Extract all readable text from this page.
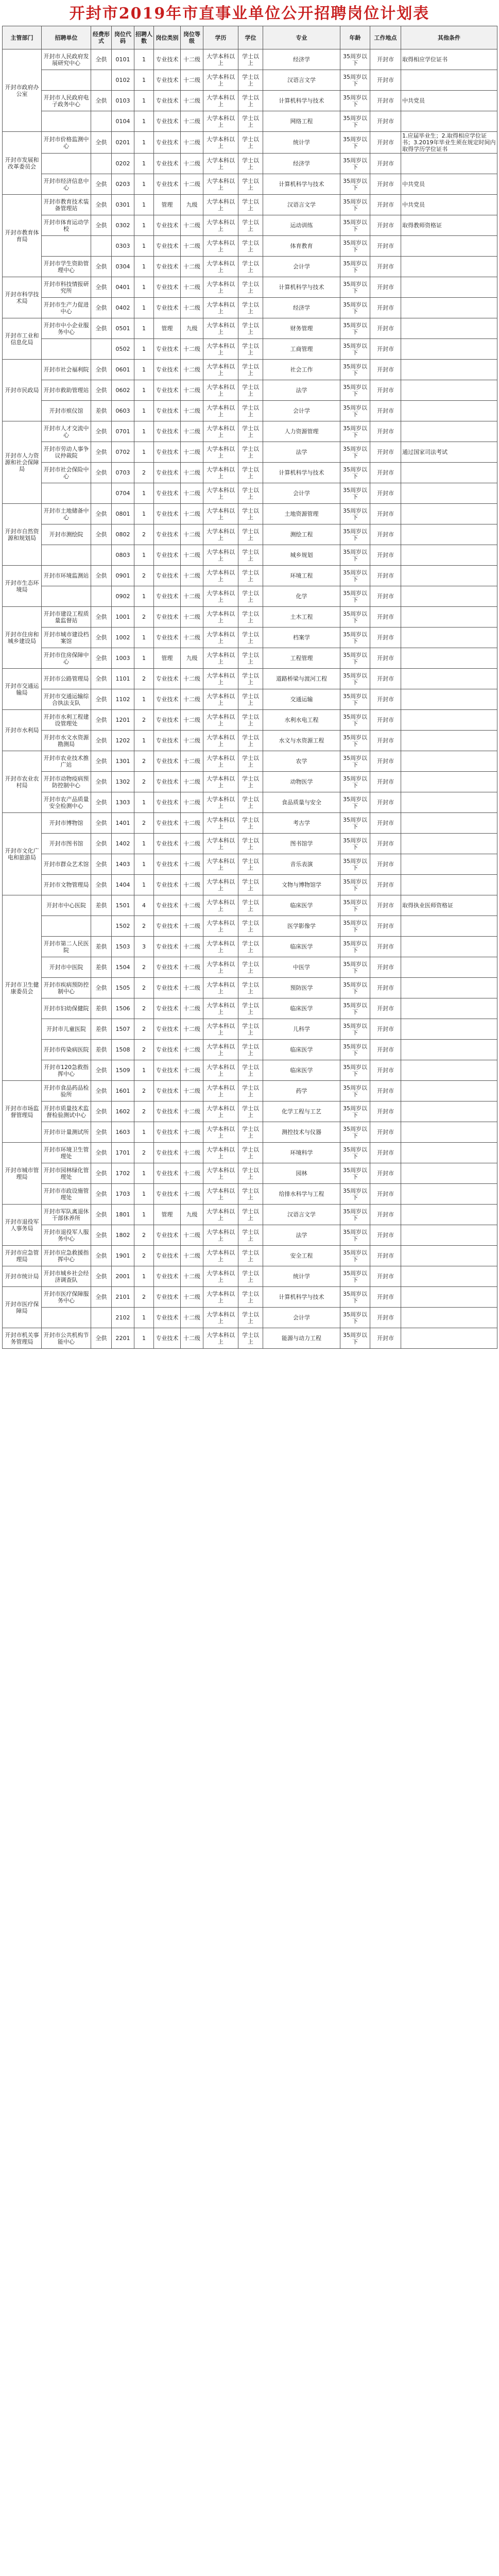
开封市2019年市直事业单位公开招聘岗位计划表
主管部门	招聘单位	经费形式	岗位代码	招聘人数	岗位类别	岗位等级	学历	学位	专业	年龄	工作地点	其他条件
开封市政府办公室	开封市人民政府发展研究中心	全供	0101	1	专业技术	十二级	大学本科以上	学士以上	经济学	35周岁以下	开封市	取得相应学位证书
			0102	1	专业技术	十二级	大学本科以上	学士以上	汉语言文学	35周岁以下	开封市	
	开封市人民政府电子政务中心	全供	0103	1	专业技术	十二级	大学本科以上	学士以上	计算机科学与技术	35周岁以下	开封市	中共党员
			0104	1	专业技术	十二级	大学本科以上	学士以上	网络工程	35周岁以下	开封市	
开封市发展和改革委员会	开封市价格监测中心	全供	0201	1	专业技术	十二级	大学本科以上	学士以上	统计学	35周岁以下	开封市	1.应届毕业生；2.取得相应学位证书；3.2019年毕业生须在规定时间内取得学历学位证书
			0202	1	专业技术	十二级	大学本科以上	学士以上	经济学	35周岁以下	开封市	
	开封市经济信息中心	全供	0203	1	专业技术	十二级	大学本科以上	学士以上	计算机科学与技术	35周岁以下	开封市	中共党员
开封市教育体育局	开封市教育技术装备管理站	全供	0301	1	管理	九级	大学本科以上	学士以上	汉语言文学	35周岁以下	开封市	中共党员
	开封市体育运动学校	全供	0302	1	专业技术	十二级	大学本科以上	学士以上	运动训练	35周岁以下	开封市	取得教师资格证
			0303	1	专业技术	十二级	大学本科以上	学士以上	体育教育	35周岁以下	开封市	
	开封市学生资助管理中心	全供	0304	1	专业技术	十二级	大学本科以上	学士以上	会计学	35周岁以下	开封市	
开封市科学技术局	开封市科技情报研究所	全供	0401	1	专业技术	十二级	大学本科以上	学士以上	计算机科学与技术	35周岁以下	开封市	
	开封市生产力促进中心	全供	0402	1	专业技术	十二级	大学本科以上	学士以上	经济学	35周岁以下	开封市	
开封市工业和信息化局	开封市中小企业服务中心	全供	0501	1	管理	九级	大学本科以上	学士以上	财务管理	35周岁以下	开封市	
			0502	1	专业技术	十二级	大学本科以上	学士以上	工商管理	35周岁以下	开封市	
开封市民政局	开封市社会福利院	全供	0601	1	专业技术	十二级	大学本科以上	学士以上	社会工作	35周岁以下	开封市	
	开封市救助管理站	全供	0602	1	专业技术	十二级	大学本科以上	学士以上	法学	35周岁以下	开封市	
	开封市殡仪馆	差供	0603	1	专业技术	十二级	大学本科以上	学士以上	会计学	35周岁以下	开封市	
开封市人力资源和社会保障局	开封市人才交流中心	全供	0701	1	专业技术	十二级	大学本科以上	学士以上	人力资源管理	35周岁以下	开封市	
	开封市劳动人事争议仲裁院	全供	0702	1	专业技术	十二级	大学本科以上	学士以上	法学	35周岁以下	开封市	通过国家司法考试
	开封市社会保险中心	全供	0703	2	专业技术	十二级	大学本科以上	学士以上	计算机科学与技术	35周岁以下	开封市	
			0704	1	专业技术	十二级	大学本科以上	学士以上	会计学	35周岁以下	开封市	
开封市自然资源和规划局	开封市土地储备中心	全供	0801	1	专业技术	十二级	大学本科以上	学士以上	土地资源管理	35周岁以下	开封市	
	开封市测绘院	全供	0802	2	专业技术	十二级	大学本科以上	学士以上	测绘工程	35周岁以下	开封市	
			0803	1	专业技术	十二级	大学本科以上	学士以上	城乡规划	35周岁以下	开封市	
开封市生态环境局	开封市环境监测站	全供	0901	2	专业技术	十二级	大学本科以上	学士以上	环境工程	35周岁以下	开封市	
			0902	1	专业技术	十二级	大学本科以上	学士以上	化学	35周岁以下	开封市	
开封市住房和城乡建设局	开封市建设工程质量监督站	全供	1001	2	专业技术	十二级	大学本科以上	学士以上	土木工程	35周岁以下	开封市	
	开封市城市建设档案馆	全供	1002	1	专业技术	十二级	大学本科以上	学士以上	档案学	35周岁以下	开封市	
	开封市住房保障中心	全供	1003	1	管理	九级	大学本科以上	学士以上	工程管理	35周岁以下	开封市	
开封市交通运输局	开封市公路管理局	全供	1101	2	专业技术	十二级	大学本科以上	学士以上	道路桥梁与渡河工程	35周岁以下	开封市	
	开封市交通运输综合执法支队	全供	1102	1	专业技术	十二级	大学本科以上	学士以上	交通运输	35周岁以下	开封市	
开封市水利局	开封市水利工程建设管理处	全供	1201	2	专业技术	十二级	大学本科以上	学士以上	水利水电工程	35周岁以下	开封市	
	开封市水文水资源勘测局	全供	1202	1	专业技术	十二级	大学本科以上	学士以上	水文与水资源工程	35周岁以下	开封市	
开封市农业农村局	开封市农业技术推广站	全供	1301	2	专业技术	十二级	大学本科以上	学士以上	农学	35周岁以下	开封市	
	开封市动物疫病预防控制中心	全供	1302	2	专业技术	十二级	大学本科以上	学士以上	动物医学	35周岁以下	开封市	
	开封市农产品质量安全检测中心	全供	1303	1	专业技术	十二级	大学本科以上	学士以上	食品质量与安全	35周岁以下	开封市	
开封市文化广电和旅游局	开封市博物馆	全供	1401	2	专业技术	十二级	大学本科以上	学士以上	考古学	35周岁以下	开封市	
	开封市图书馆	全供	1402	1	专业技术	十二级	大学本科以上	学士以上	图书馆学	35周岁以下	开封市	
	开封市群众艺术馆	全供	1403	1	专业技术	十二级	大学本科以上	学士以上	音乐表演	35周岁以下	开封市	
	开封市文物管理局	全供	1404	1	专业技术	十二级	大学本科以上	学士以上	文物与博物馆学	35周岁以下	开封市	
开封市卫生健康委员会	开封市中心医院	差供	1501	4	专业技术	十二级	大学本科以上	学士以上	临床医学	35周岁以下	开封市	取得执业医师资格证
			1502	2	专业技术	十二级	大学本科以上	学士以上	医学影像学	35周岁以下	开封市	
	开封市第二人民医院	差供	1503	3	专业技术	十二级	大学本科以上	学士以上	临床医学	35周岁以下	开封市	
	开封市中医院	差供	1504	2	专业技术	十二级	大学本科以上	学士以上	中医学	35周岁以下	开封市	
	开封市疾病预防控制中心	全供	1505	2	专业技术	十二级	大学本科以上	学士以上	预防医学	35周岁以下	开封市	
	开封市妇幼保健院	差供	1506	2	专业技术	十二级	大学本科以上	学士以上	临床医学	35周岁以下	开封市	
	开封市儿童医院	差供	1507	2	专业技术	十二级	大学本科以上	学士以上	儿科学	35周岁以下	开封市	
	开封市传染病医院	差供	1508	2	专业技术	十二级	大学本科以上	学士以上	临床医学	35周岁以下	开封市	
	开封市120急救指挥中心	全供	1509	1	专业技术	十二级	大学本科以上	学士以上	临床医学	35周岁以下	开封市	
开封市市场监督管理局	开封市食品药品检验所	全供	1601	2	专业技术	十二级	大学本科以上	学士以上	药学	35周岁以下	开封市	
	开封市质量技术监督检验测试中心	全供	1602	2	专业技术	十二级	大学本科以上	学士以上	化学工程与工艺	35周岁以下	开封市	
	开封市计量测试所	全供	1603	1	专业技术	十二级	大学本科以上	学士以上	测控技术与仪器	35周岁以下	开封市	
开封市城市管理局	开封市环境卫生管理处	全供	1701	2	专业技术	十二级	大学本科以上	学士以上	环境科学	35周岁以下	开封市	
	开封市园林绿化管理处	全供	1702	1	专业技术	十二级	大学本科以上	学士以上	园林	35周岁以下	开封市	
	开封市市政设施管理处	全供	1703	1	专业技术	十二级	大学本科以上	学士以上	给排水科学与工程	35周岁以下	开封市	
开封市退役军人事务局	开封市军队离退休干部休养所	全供	1801	1	管理	九级	大学本科以上	学士以上	汉语言文学	35周岁以下	开封市	
	开封市退役军人服务中心	全供	1802	2	专业技术	十二级	大学本科以上	学士以上	法学	35周岁以下	开封市	
开封市应急管理局	开封市应急救援指挥中心	全供	1901	2	专业技术	十二级	大学本科以上	学士以上	安全工程	35周岁以下	开封市	
开封市统计局	开封市城乡社会经济调查队	全供	2001	1	专业技术	十二级	大学本科以上	学士以上	统计学	35周岁以下	开封市	
开封市医疗保障局	开封市医疗保障服务中心	全供	2101	2	专业技术	十二级	大学本科以上	学士以上	计算机科学与技术	35周岁以下	开封市	
			2102	1	专业技术	十二级	大学本科以上	学士以上	会计学	35周岁以下	开封市	
开封市机关事务管理局	开封市公共机构节能中心	全供	2201	1	专业技术	十二级	大学本科以上	学士以上	能源与动力工程	35周岁以下	开封市	
